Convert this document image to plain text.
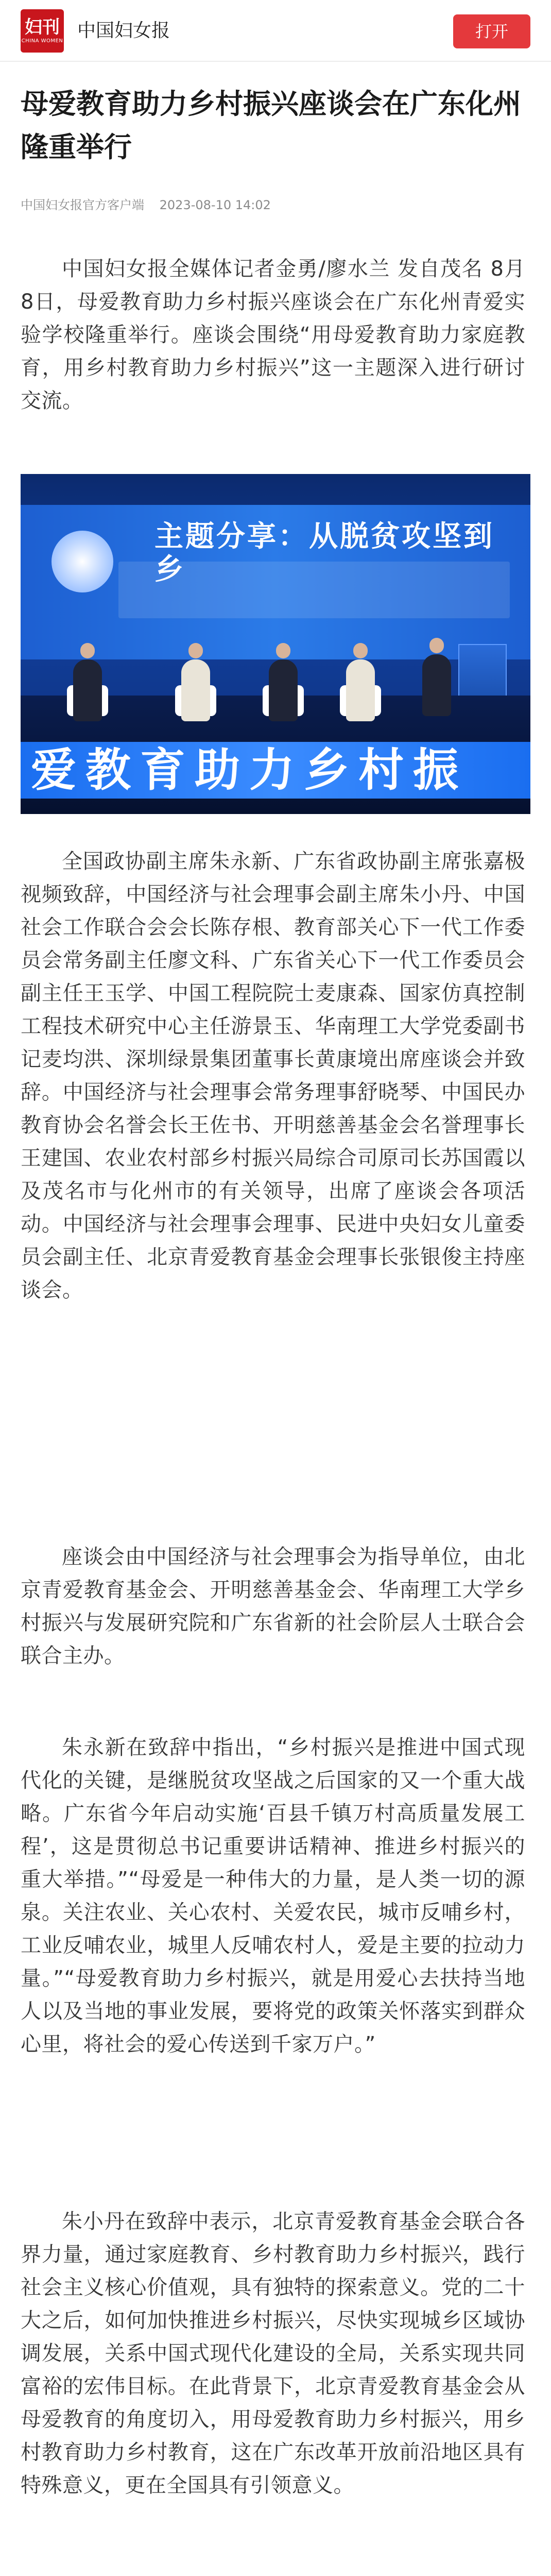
妇刊
CHINA WOMEN 中国妇女报	打开
母爱教育助力乡村振兴座谈会在广东化州隆重举行
中国妇女报官方客户端 2023-08-10 14:02

中国妇女报全媒体记者金勇/廖水兰 发自茂名 8月8日，母爱教育助力乡村振兴座谈会在广东化州青爱实验学校隆重举行。座谈会围绕“用母爱教育助力家庭教育，用乡村教育助力乡村振兴”这一主题深入进行研讨交流。

主题分享：从脱贫攻坚到乡
爱教育助力乡村振

全国政协副主席朱永新、广东省政协副主席张嘉极视频致辞，中国经济与社会理事会副主席朱小丹、中国社会工作联合会会长陈存根、教育部关心下一代工作委员会常务副主任廖文科、广东省关心下一代工作委员会副主任王玉学、中国工程院院士麦康森、国家仿真控制工程技术研究中心主任游景玉、华南理工大学党委副书记麦均洪、深圳绿景集团董事长黄康境出席座谈会并致辞。中国经济与社会理事会常务理事舒晓琴、中国民办教育协会名誉会长王佐书、开明慈善基金会名誉理事长王建国、农业农村部乡村振兴局综合司原司长苏国霞以及茂名市与化州市的有关领导，出席了座谈会各项活动。中国经济与社会理事会理事、民进中央妇女儿童委员会副主任、北京青爱教育基金会理事长张银俊主持座谈会。

座谈会由中国经济与社会理事会为指导单位，由北京青爱教育基金会、开明慈善基金会、华南理工大学乡村振兴与发展研究院和广东省新的社会阶层人士联合会联合主办。

朱永新在致辞中指出，“乡村振兴是推进中国式现代化的关键，是继脱贫攻坚战之后国家的又一个重大战略。广东省今年启动实施‘百县千镇万村高质量发展工程’，这是贯彻总书记重要讲话精神、推进乡村振兴的重大举措。”“母爱是一种伟大的力量，是人类一切的源泉。关注农业、关心农村、关爱农民，城市反哺乡村，工业反哺农业，城里人反哺农村人，爱是主要的拉动力量。”“母爱教育助力乡村振兴，就是用爱心去扶持当地人以及当地的事业发展，要将党的政策关怀落实到群众心里，将社会的爱心传送到千家万户。”

朱小丹在致辞中表示，北京青爱教育基金会联合各界力量，通过家庭教育、乡村教育助力乡村振兴，践行社会主义核心价值观，具有独特的探索意义。党的二十大之后，如何加快推进乡村振兴，尽快实现城乡区域协调发展，关系中国式现代化建设的全局，关系实现共同富裕的宏伟目标。在此背景下，北京青爱教育基金会从母爱教育的角度切入，用母爱教育助力乡村振兴，用乡村教育助力乡村教育，这在广东改革开放前沿地区具有特殊意义，更在全国具有引领意义。
